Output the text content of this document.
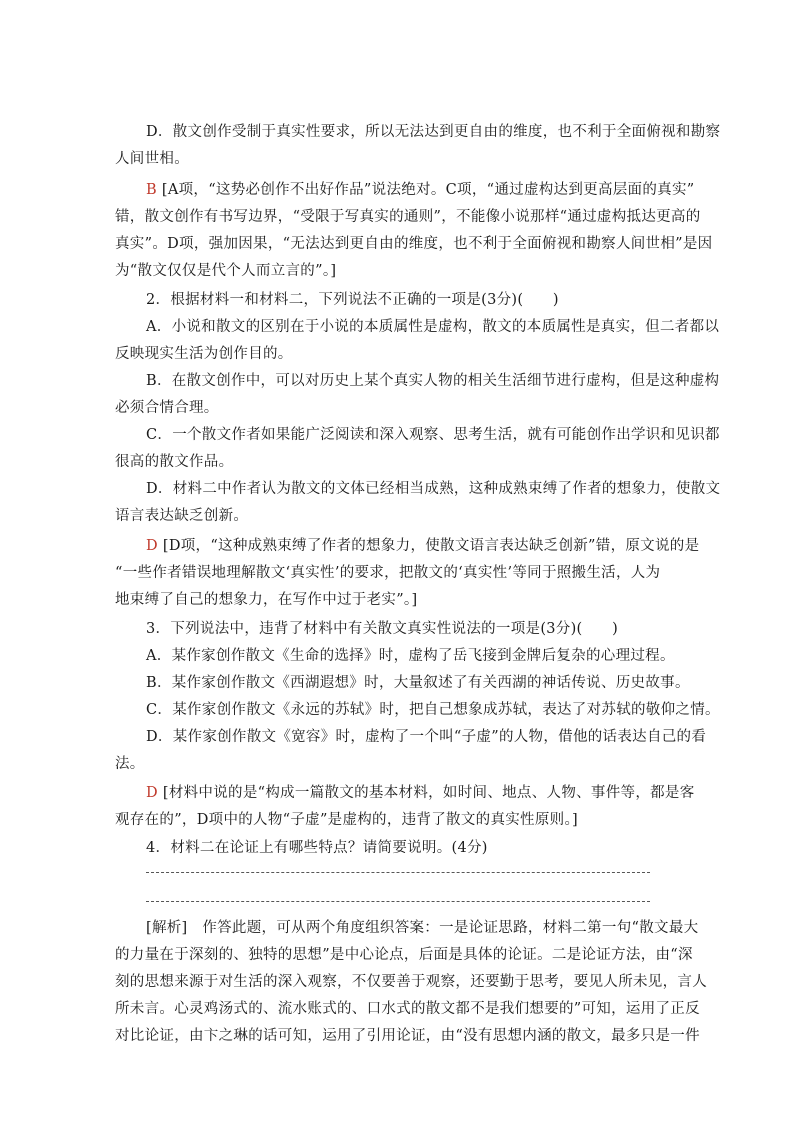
D．散文创作受制于真实性要求，所以无法达到更自由的维度，也不利于全面俯视和勘察
人间世相。
B [A项，“这势必创作不出好作品”说法绝对。C项，“通过虚构达到更高层面的真实”
错，散文创作有书写边界，“受限于写真实的通则”，不能像小说那样“通过虚构抵达更高的
真实”。D项，强加因果，“无法达到更自由的维度，也不利于全面俯视和勘察人间世相”是因
为“散文仅仅是代个人而立言的”。]
2．根据材料一和材料二，下列说法不正确的一项是(3分)(　　)
A．小说和散文的区别在于小说的本质属性是虚构，散文的本质属性是真实，但二者都以
反映现实生活为创作目的。
B．在散文创作中，可以对历史上某个真实人物的相关生活细节进行虚构，但是这种虚构
必须合情合理。
C．一个散文作者如果能广泛阅读和深入观察、思考生活，就有可能创作出学识和见识都
很高的散文作品。
D．材料二中作者认为散文的文体已经相当成熟，这种成熟束缚了作者的想象力，使散文
语言表达缺乏创新。
D [D项，“这种成熟束缚了作者的想象力，使散文语言表达缺乏创新”错，原文说的是
“一些作者错误地理解散文‘真实性’的要求，把散文的‘真实性’等同于照搬生活，人为
地束缚了自己的想象力，在写作中过于老实”。]
3．下列说法中，违背了材料中有关散文真实性说法的一项是(3分)(　　)
A．某作家创作散文《生命的选择》时，虚构了岳飞接到金牌后复杂的心理过程。
B．某作家创作散文《西湖遐想》时，大量叙述了有关西湖的神话传说、历史故事。
C．某作家创作散文《永远的苏轼》时，把自己想象成苏轼，表达了对苏轼的敬仰之情。
D．某作家创作散文《宽容》时，虚构了一个叫“子虚”的人物，借他的话表达自己的看
法。
D [材料中说的是“构成一篇散文的基本材料，如时间、地点、人物、事件等，都是客
观存在的”，D项中的人物“子虚”是虚构的，违背了散文的真实性原则。]
4．材料二在论证上有哪些特点？请简要说明。(4分)
[解析]　作答此题，可从两个角度组织答案：一是论证思路，材料二第一句“散文最大
的力量在于深刻的、独特的思想”是中心论点，后面是具体的论证。二是论证方法，由“深
刻的思想来源于对生活的深入观察，不仅要善于观察，还要勤于思考，要见人所未见，言人
所未言。心灵鸡汤式的、流水账式的、口水式的散文都不是我们想要的”可知，运用了正反
对比论证，由卞之琳的话可知，运用了引用论证，由“没有思想内涵的散文，最多只是一件
